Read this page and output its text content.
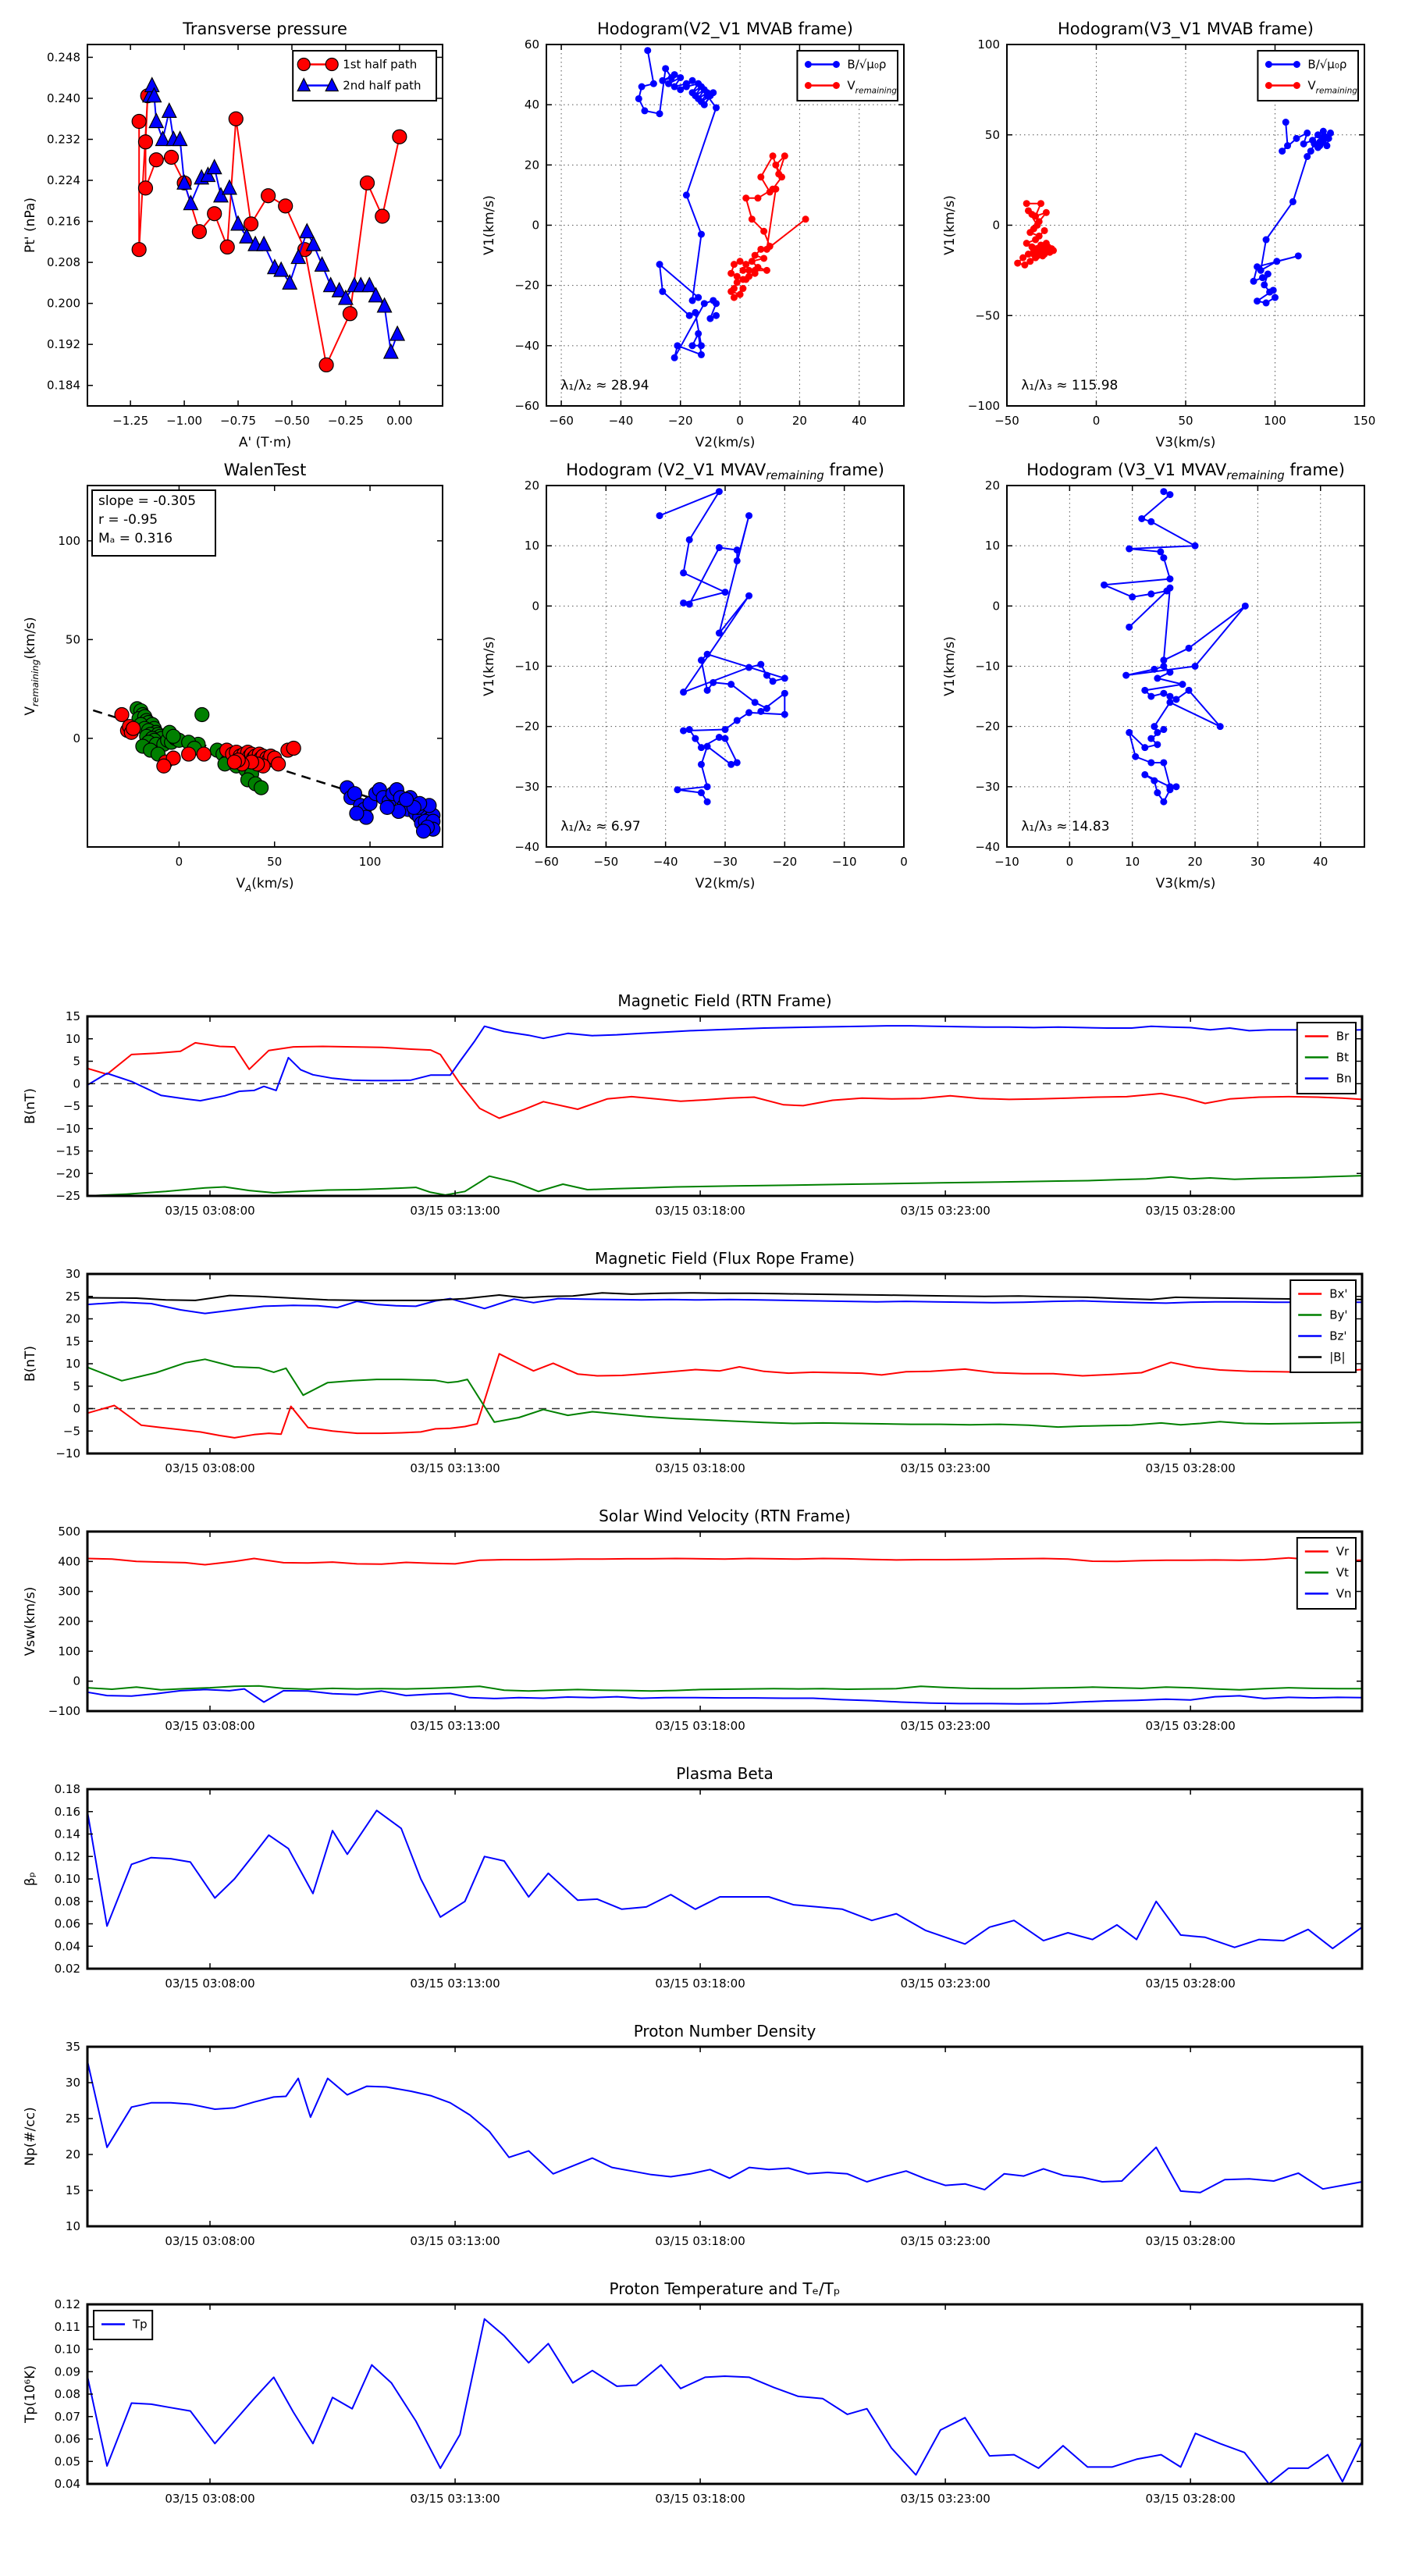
−1.25 −1.00 −0.75 −0.50 −0.25 0.00
0.184
0.192
0.200
0.208
0.216
0.224
0.232
0.240
0.248
Transverse pressure
A' (T·m)
Pt' (nPa)
1st half path
2nd half path
−60	−40	−20	0	20	40
−60
−40
−20
0
20
40
60
Hodogram(V2_V1 MVAB frame)
V2(km/s)
V1(km/s)
B/√μ₀ρ
$V_{remaining}$
λ₁/λ₂ ≈ 28.94
−50	0	50	100	150
−100
−50
0
50
100
Hodogram(V3_V1 MVAB frame)
V3(km/s)
V1(km/s)
B/√μ₀ρ
$V_{remaining}$
λ₁/λ₃ ≈ 115.98
0	50	100
0
50
100
WalenTest
$V_A(km/s)$
$V_{remaining}(km/s)$
slope = -0.305
r = -0.95
Mₐ = 0.316
−60	−50	−40	−30	−20	−10	0
−40
−30
−20
−10
0
10
20
Hodogram (V2_V1 $MVAV_{remaining}$ frame)
V2(km/s)
V1(km/s)
λ₁/λ₂ ≈ 6.97
−10	0	10	20	30	40
−40
−30
−20
−10
0
10
20
Hodogram (V3_V1 $MVAV_{remaining}$ frame)
V3(km/s)
V1(km/s)
λ₁/λ₃ ≈ 14.83
03/15 03:08:00	03/15 03:13:00	03/15 03:18:00	03/15 03:23:00	03/15 03:28:00
−25
−20
−15
−10
−5
0
5
10
15
Magnetic Field (RTN Frame)
B(nT)
Br
Bt
Bn
03/15 03:08:00	03/15 03:13:00	03/15 03:18:00	03/15 03:23:00	03/15 03:28:00
−10
−5
0
5
10
15
20
25
30
Magnetic Field (Flux Rope Frame)
B(nT)
Bx'
By'
Bz'
|B|
03/15 03:08:00	03/15 03:13:00	03/15 03:18:00	03/15 03:23:00	03/15 03:28:00
−100
0
100
200
300
400
500
Solar Wind Velocity (RTN Frame)
Vsw(km/s)
Vr
Vt
Vn
03/15 03:08:00	03/15 03:13:00	03/15 03:18:00	03/15 03:23:00	03/15 03:28:00
0.02
0.04
0.06
0.08
0.10
0.12
0.14
0.16
0.18
Plasma Beta
βₚ
03/15 03:08:00	03/15 03:13:00	03/15 03:18:00	03/15 03:23:00	03/15 03:28:00
10
15
20
25
30
35
Proton Number Density
Np(#/cc)
03/15 03:08:00	03/15 03:13:00	03/15 03:18:00	03/15 03:23:00	03/15 03:28:00
0.04
0.05
0.06
0.07
0.08
0.09
0.10
0.11
0.12
Proton Temperature and Tₑ/Tₚ
Tp(10⁶K)
Tp
